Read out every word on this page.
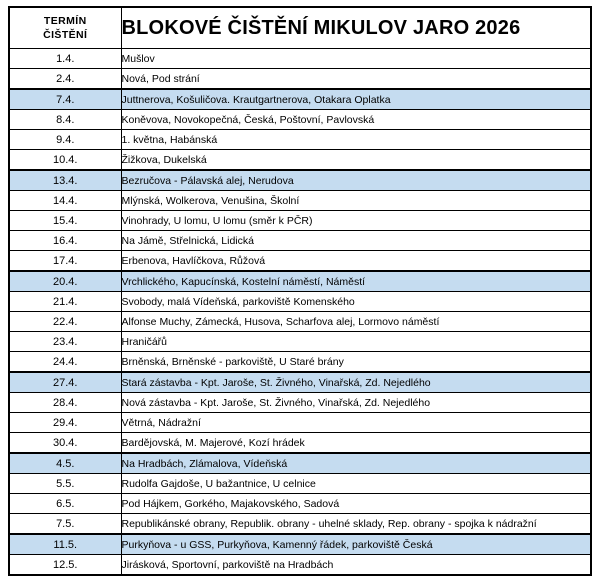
TERMÍN
ČIŠTĚNÍ	BLOKOVÉ ČIŠTĚNÍ MIKULOV JARO 2026
1.4.	Mušlov
2.4.	Nová, Pod strání
7.4.	Juttnerova, Košuličova. Krautgartnerova, Otakara Oplatka
8.4.	Koněvova, Novokopečná, Česká, Poštovní, Pavlovská
9.4.	1. května, Habánská
10.4.	Žižkova, Dukelská
13.4.	Bezručova - Pálavská alej, Nerudova
14.4.	Mlýnská, Wolkerova, Venušina, Školní
15.4.	Vinohrady, U lomu, U lomu (směr k PČR)
16.4.	Na Jámě, Střelnická, Lidická
17.4.	Erbenova, Havlíčkova, Růžová
20.4.	Vrchlického, Kapucínská, Kostelní náměstí, Náměstí
21.4.	Svobody, malá Vídeňská, parkoviště Komenského
22.4.	Alfonse Muchy, Zámecká, Husova, Scharfova alej, Lormovo náměstí
23.4.	Hraničářů
24.4.	Brněnská, Brněnské - parkoviště, U Staré brány
27.4.	Stará zástavba - Kpt. Jaroše, St. Živného, Vinařská, Zd. Nejedlého
28.4.	Nová zástavba - Kpt. Jaroše, St. Živného, Vinařská, Zd. Nejedlého
29.4.	Větrná, Nádražní
30.4.	Bardějovská, M. Majerové, Kozí hrádek
4.5.	Na Hradbách, Zlámalova, Vídeňská
5.5.	Rudolfa Gajdoše, U bažantnice, U celnice
6.5.	Pod Hájkem, Gorkého, Majakovského, Sadová
7.5.	Republikánské obrany, Republik. obrany - uhelné sklady, Rep. obrany - spojka k nádražní
11.5.	Purkyňova - u GSS, Purkyňova, Kamenný řádek, parkoviště Česká
12.5.	Jirásková, Sportovní, parkoviště na Hradbách
